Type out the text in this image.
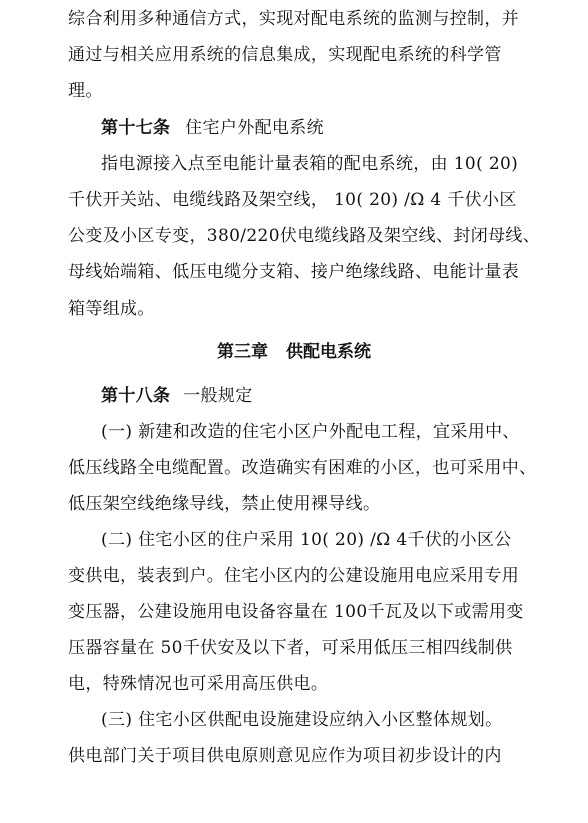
综合利用多种通信方式，实现对配电系统的监测与控制，并
通过与相关应用系统的信息集成，实现配电系统的科学管
理。
第十七条 住宅户外配电系统
指电源接入点至电能计量表箱的配电系统，由 10( 20)
千伏开关站、电缆线路及架空线， 10( 20) /Ω 4 千伏小区
公变及小区专变，380/220伏电缆线路及架空线、封闭母线、
母线始端箱、低压电缆分支箱、接户绝缘线路、电能计量表
箱等组成。
第三章 供配电系统
第十八条 一般规定
(一) 新建和改造的住宅小区户外配电工程，宜采用中、
低压线路全电缆配置。改造确实有困难的小区，也可采用中、
低压架空线绝缘导线，禁止使用裸导线。
(二) 住宅小区的住户采用 10( 20) /Ω 4千伏的小区公
变供电，装表到户。住宅小区内的公建设施用电应采用专用
变压器，公建设施用电设备容量在 100千瓦及以下或需用变
压器容量在 50千伏安及以下者，可采用低压三相四线制供
电，特殊情况也可采用高压供电。
(三) 住宅小区供配电设施建设应纳入小区整体规划。
供电部门关于项目供电原则意见应作为项目初步设计的内
